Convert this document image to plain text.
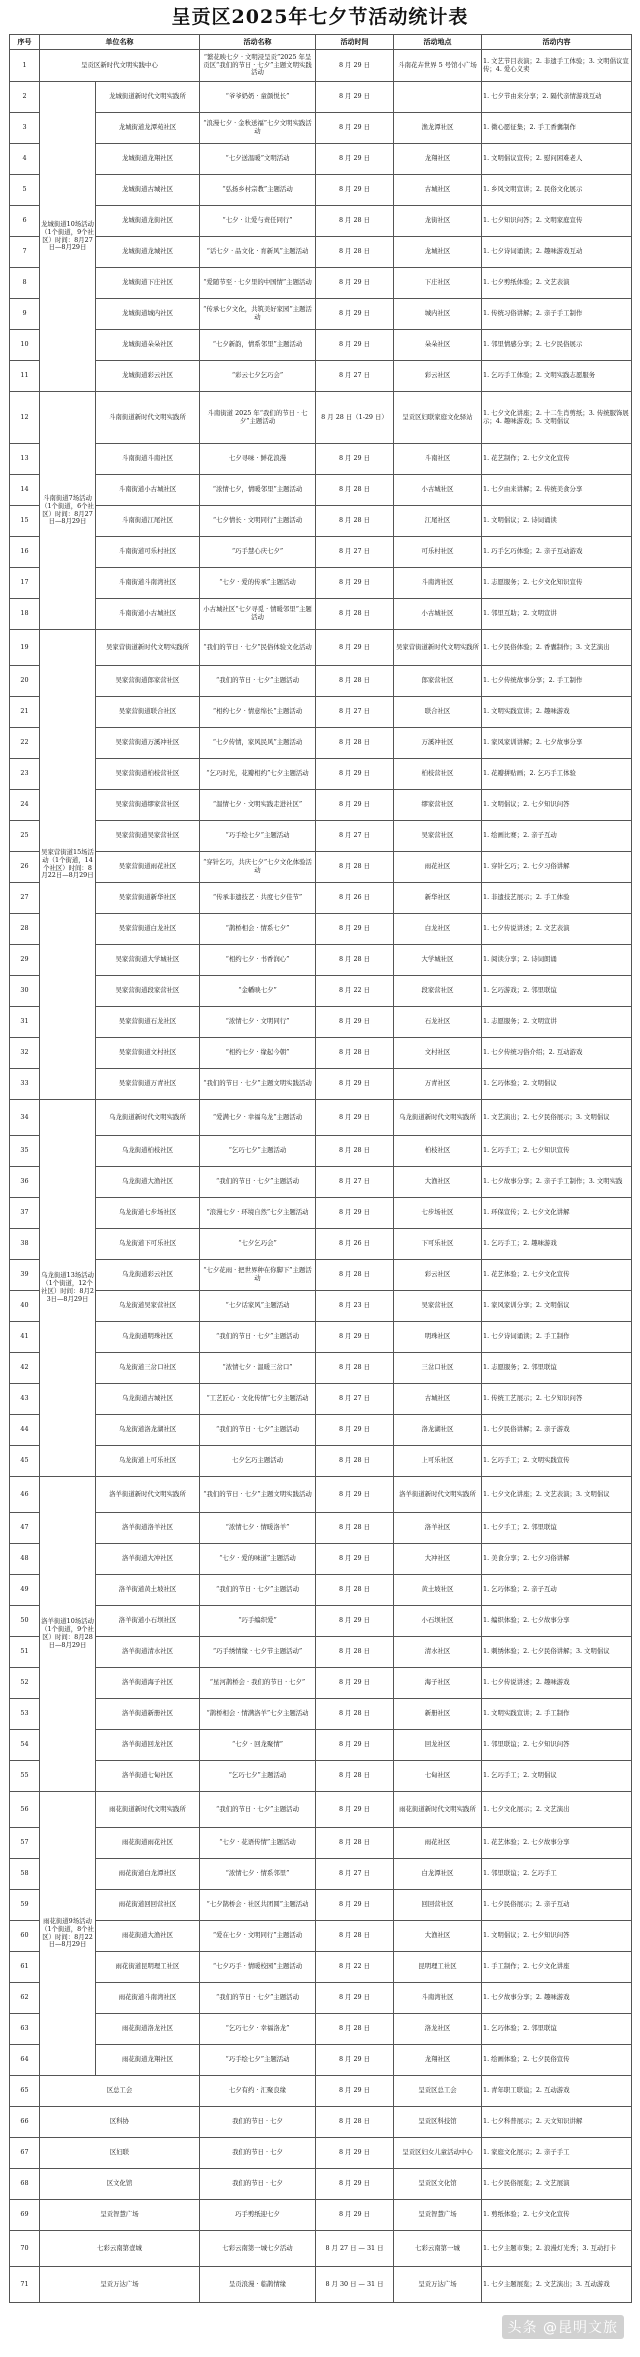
呈贡区2025年七夕节活动统计表
序号	单位名称		活动名称	活动时间	活动地点	活动内容
1	呈贡区新时代文明实践中心		“繁花映七夕 · 文明浸呈贡”2025 年呈贡区“我们的节日 · 七夕”主题文明实践活动	8 月 29 日	斗南花卉世界 5 号馆小广场	1. 文艺节目表演；2. 非遗手工体验；3. 文明倡议宣传；4. 爱心义卖
2	龙城街道10场活动（1个街道，9个社区）时间：8月27日—8月29日	龙城街道新时代文明实践所	“爷爷奶奶 · 童颜悦长”	8 月 29 日		1. 七夕节由来分享；2. 隔代亲情游戏互动
3		龙城街道龙潭苑社区	“浪漫七夕 · 金秋送福”七夕文明实践活动	8 月 29 日	渔龙潭社区	1. 微心愿征集；2. 手工香囊制作
4		龙城街道龙翔社区	“七夕送温暖”文明活动	8 月 29 日	龙翔社区	1. 文明倡议宣传；2. 慰问困难老人
5		龙城街道古城社区	“弘扬乡村宗教”主题活动	8 月 29 日	古城社区	1. 乡风文明宣讲；2. 民俗文化展示
6		龙城街道龙街社区	“七夕 · 让爱与责任同行”	8 月 28 日	龙街社区	1. 七夕知识问答；2. 文明家庭宣传
7		龙城街道龙城社区	“话七夕 · 品文化 · 育新风”主题活动	8 月 28 日	龙城社区	1. 七夕诗词诵读；2. 趣味游戏互动
8		龙城街道下庄社区	“爱随节至 · 七夕里的中国情”主题活动	8 月 29 日	下庄社区	1. 七夕剪纸体验；2. 文艺表演
9		龙城街道城内社区	“传承七夕文化，共筑美好家园”主题活动	8 月 29 日	城内社区	1. 传统习俗讲解；2. 亲子手工制作
10		龙城街道朵朵社区	“七夕新韵，情系邻里”主题活动	8 月 29 日	朵朵社区	1. 邻里情感分享；2. 七夕民俗展示
11		龙城街道彩云社区	“彩云七夕乞巧会”	8 月 27 日	彩云社区	1. 乞巧手工体验；2. 文明实践志愿服务
12	斗南街道7场活动（1个街道，6个社区）时间：8月27日—8月29日	斗南街道新时代文明实践所	斗南街道 2025 年“我们的节日 · 七夕”主题活动	8 月 28 日（1-29 日）	呈贡区妇联家庭文化驿站	1. 七夕文化讲座；2. 十二生肖剪纸；3. 传统服饰展示；4. 趣味游戏；5. 文明倡议
13		斗南街道斗南社区	七夕寻味 · 鲜花浪漫	8 月 29 日	斗南社区	1. 花艺制作；2. 七夕文化宣传
14		斗南街道小古城社区	“浓情七夕，情暖邻里”主题活动	8 月 28 日	小古城社区	1. 七夕由来讲解；2. 传统美食分享
15		斗南街道江尾社区	“七夕情长 · 文明同行”主题活动	8 月 28 日	江尾社区	1. 文明倡议；2. 诗词诵读
16		斗南街道可乐村社区	“巧手慧心庆七夕”	8 月 27 日	可乐村社区	1. 巧手乞巧体验；2. 亲子互动游戏
17		斗南街道斗南湾社区	“七夕 · 爱的传承”主题活动	8 月 29 日	斗南湾社区	1. 志愿服务；2. 七夕文化知识宣传
18		斗南街道小古城社区	小古城社区“七夕寻觅 · 情暖邻里”主题活动	8 月 28 日	小古城社区	1. 邻里互助；2. 文明宣讲
19	吴家营街道15场活动（1个街道，14个社区）时间：8月22日—8月29日	吴家营街道新时代文明实践所	“我们的节日 · 七夕”民俗体验文化活动	8 月 29 日	吴家营街道新时代文明实践所	1. 七夕民俗体验；2. 香囊制作；3. 文艺演出
20		吴家营街道郎家营社区	“我们的节日 · 七夕”主题活动	8 月 28 日	郎家营社区	1. 七夕传统故事分享；2. 手工制作
21		吴家营街道联合社区	“相约七夕 · 情意绵长”主题活动	8 月 27 日	联合社区	1. 文明实践宣讲；2. 趣味游戏
22		吴家营街道万溪冲社区	“七夕传情，家风民风”主题活动	8 月 28 日	万溪冲社区	1. 家风家训讲解；2. 七夕故事分享
23		吴家营街道柏枝营社区	“乞巧时光，花瓣相约”七夕主题活动	8 月 29 日	柏枝营社区	1. 花瓣拼贴画；2. 乞巧手工体验
24		吴家营街道缪家营社区	“温情七夕 · 文明实践走进社区”	8 月 29 日	缪家营社区	1. 文明倡议；2. 七夕知识问答
25		吴家营街道吴家营社区	“巧手绘七夕”主题活动	8 月 27 日	吴家营社区	1. 绘画比赛；2. 亲子互动
26		吴家营街道雨花社区	“穿针乞巧，共庆七夕”七夕文化体验活动	8 月 28 日	雨花社区	1. 穿针乞巧；2. 七夕习俗讲解
27		吴家营街道新华社区	“传承非遗技艺 · 共度七夕佳节”	8 月 26 日	新华社区	1. 非遗技艺展示；2. 手工体验
28		吴家营街道白龙社区	“鹊桥相会 · 情系七夕”	8 月 29 日	白龙社区	1. 七夕传说讲述；2. 文艺表演
29		吴家营街道大学城社区	“相约七夕 · 书香润心”	8 月 28 日	大学城社区	1. 阅读分享；2. 诗词朗诵
30		吴家营街道段家营社区	“金幡映七夕”	8 月 22 日	段家营社区	1. 乞巧游戏；2. 邻里联谊
31		吴家营街道石龙社区	“浓情七夕 · 文明同行”	8 月 29 日	石龙社区	1. 志愿服务；2. 文明宣讲
32		吴家营街道文村社区	“相约七夕 · 缘起今朝”	8 月 28 日	文村社区	1. 七夕传统习俗介绍；2. 互动游戏
33		吴家营街道万青社区	“我们的节日 · 七夕”主题文明实践活动	8 月 29 日	万青社区	1. 乞巧体验；2. 文明倡议
34	乌龙街道13场活动（1个街道，12个社区）时间：8月23日—8月29日	乌龙街道新时代文明实践所	“爱满七夕 · 幸福乌龙”主题活动	8 月 29 日	乌龙街道新时代文明实践所	1. 文艺演出；2. 七夕民俗展示；3. 文明倡议
35		乌龙街道柏枝社区	“乞巧七夕”主题活动	8 月 28 日	柏枝社区	1. 乞巧手工；2. 七夕知识宣传
36		乌龙街道大渔社区	“我们的节日 · 七夕”主题活动	8 月 27 日	大渔社区	1. 七夕故事分享；2. 亲子手工制作；3. 文明实践
37		乌龙街道七步场社区	“浪漫七夕 · 环境自然”七夕主题活动	8 月 29 日	七步场社区	1. 环保宣传；2. 七夕文化讲解
38		乌龙街道下可乐社区	“七夕乞巧会”	8 月 26 日	下可乐社区	1. 乞巧手工；2. 趣味游戏
39		乌龙街道彩云社区	“七夕花雨 · 把世界种在你脚下”主题活动	8 月 28 日	彩云社区	1. 花艺体验；2. 七夕文化宣传
40		乌龙街道吴家营社区	“七夕话家风”主题活动	8 月 23 日	吴家营社区	1. 家风家训分享；2. 文明倡议
41		乌龙街道明珠社区	“我们的节日 · 七夕”主题活动	8 月 29 日	明珠社区	1. 七夕诗词诵读；2. 手工制作
42		乌龙街道三岔口社区	“浓情七夕 · 温暖三岔口”	8 月 28 日	三岔口社区	1. 志愿服务；2. 邻里联谊
43		乌龙街道古城社区	“工艺匠心 · 文化传情”七夕主题活动	8 月 27 日	古城社区	1. 传统工艺展示；2. 七夕知识问答
44		乌龙街道洛龙湖社区	“我们的节日 · 七夕”主题活动	8 月 29 日	洛龙湖社区	1. 七夕民俗讲解；2. 亲子游戏
45		乌龙街道上可乐社区	七夕乞巧主题活动	8 月 28 日	上可乐社区	1. 乞巧手工；2. 文明实践宣传
46	洛羊街道10场活动（1个街道，9个社区）时间：8月28日—8月29日	洛羊街道新时代文明实践所	“我们的节日 · 七夕”主题文明实践活动	8 月 29 日	洛羊街道新时代文明实践所	1. 七夕文化讲座；2. 文艺表演；3. 文明倡议
47		洛羊街道洛羊社区	“浓情七夕 · 情暖洛羊”	8 月 28 日	洛羊社区	1. 七夕手工；2. 邻里联谊
48		洛羊街道大冲社区	“七夕 · 爱的味道”主题活动	8 月 29 日	大冲社区	1. 美食分享；2. 七夕习俗讲解
49		洛羊街道黄土坡社区	“我们的节日 · 七夕”主题活动	8 月 28 日	黄土坡社区	1. 乞巧体验；2. 亲子互动
50		洛羊街道小石坝社区	“巧手编织爱”	8 月 29 日	小石坝社区	1. 编织体验；2. 七夕故事分享
51		洛羊街道清水社区	“巧手绣情缘 · 七夕节主题活动”	8 月 28 日	清水社区	1. 刺绣体验；2. 七夕民俗讲解；3. 文明倡议
52		洛羊街道海子社区	“星河鹊桥会 · 我们的节日 · 七夕”	8 月 29 日	海子社区	1. 七夕传说讲述；2. 趣味游戏
53		洛羊街道新册社区	“鹊桥相会 · 情满洛羊”七夕主题活动	8 月 28 日	新册社区	1. 文明实践宣讲；2. 手工制作
54		洛羊街道回龙社区	“七夕 · 回龙聚情”	8 月 29 日	回龙社区	1. 邻里联谊；2. 七夕知识问答
55		洛羊街道七甸社区	“乞巧七夕”主题活动	8 月 28 日	七甸社区	1. 乞巧手工；2. 文明倡议
56	雨花街道9场活动（1个街道，8个社区）时间：8月22日—8月29日	雨花街道新时代文明实践所	“我们的节日 · 七夕”主题活动	8 月 29 日	雨花街道新时代文明实践所	1. 七夕文化展示；2. 文艺演出
57		雨花街道雨花社区	“七夕 · 花语传情”主题活动	8 月 28 日	雨花社区	1. 花艺体验；2. 七夕故事分享
58		雨花街道白龙潭社区	“浓情七夕 · 情系邻里”	8 月 27 日	白龙潭社区	1. 邻里联谊；2. 乞巧手工
59		雨花街道回回营社区	“七夕鹊桥会 · 社区共团圆”主题活动	8 月 29 日	回回营社区	1. 七夕民俗展示；2. 亲子互动
60		雨花街道大渔社区	“爱在七夕 · 文明同行”主题活动	8 月 28 日	大渔社区	1. 文明倡议；2. 七夕知识问答
61		雨花街道昆明理工社区	“七夕巧手 · 情暖校园”主题活动	8 月 22 日	昆明理工社区	1. 手工制作；2. 七夕文化讲座
62		雨花街道斗南湾社区	“我们的节日 · 七夕”主题活动	8 月 29 日	斗南湾社区	1. 七夕故事分享；2. 趣味游戏
63		雨花街道洛龙社区	“乞巧七夕 · 幸福洛龙”	8 月 28 日	洛龙社区	1. 乞巧体验；2. 邻里联谊
64		雨花街道龙翔社区	“巧手绘七夕”主题活动	8 月 29 日	龙翔社区	1. 绘画体验；2. 七夕民俗宣传
65	区总工会		七夕有约 · 汇聚良缘	8 月 29 日	呈贡区总工会	1. 青年职工联谊；2. 互动游戏
66	区科协		我们的节日 · 七夕	8 月 28 日	呈贡区科技馆	1. 七夕科普展示；2. 天文知识讲解
67	区妇联		我们的节日 · 七夕	8 月 29 日	呈贡区妇女儿童活动中心	1. 家庭文化展示；2. 亲子手工
68	区文化馆		我们的节日 · 七夕	8 月 29 日	呈贡区文化馆	1. 七夕民俗展览；2. 文艺展演
69	呈贡智慧广场		巧手剪纸迎七夕	8 月 29 日	呈贡智慧广场	1. 剪纸体验；2. 七夕文化宣传
70	七彩云南第壹城		七彩云南第一城七夕活动	8 月 27 日 — 31 日	七彩云南第一城	1. 七夕主题市集；2. 浪漫灯光秀；3. 互动打卡
71	呈贡万达广场		呈贡浪漫 · 临鹊情缘	8 月 30 日 — 31 日	呈贡万达广场	1. 七夕主题展览；2. 文艺演出；3. 互动游戏
头条 @昆明文旅
